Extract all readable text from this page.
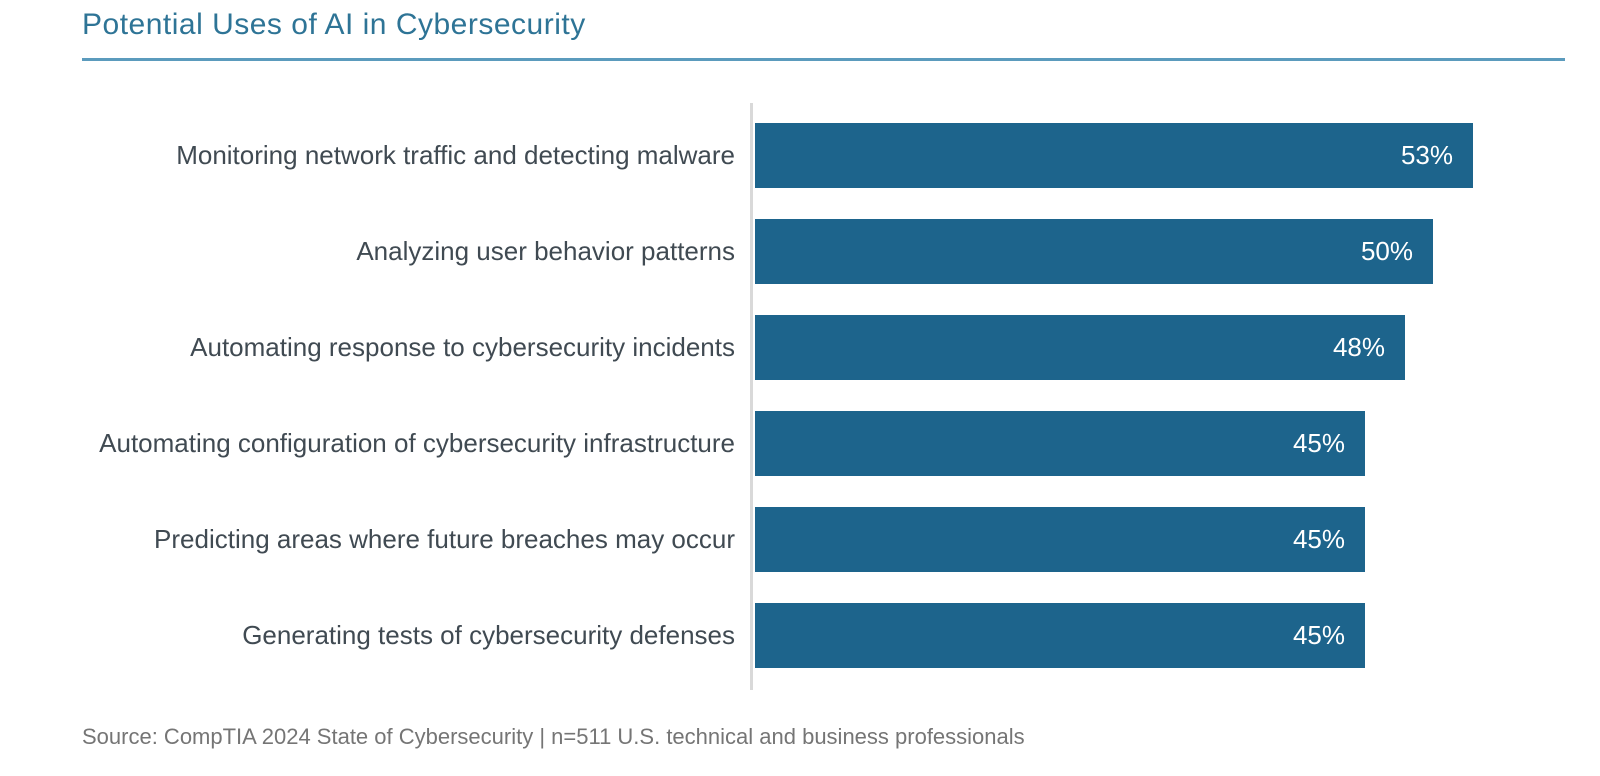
Potential Uses of AI in Cybersecurity
Monitoring network traffic and detecting malware	53%
Analyzing user behavior patterns	50%
Automating response to cybersecurity incidents	48%
Automating configuration of cybersecurity infrastructure	45%
Predicting areas where future breaches may occur	45%
Generating tests of cybersecurity defenses	45%
Source: CompTIA 2024 State of Cybersecurity | n=511 U.S. technical and business professionals
